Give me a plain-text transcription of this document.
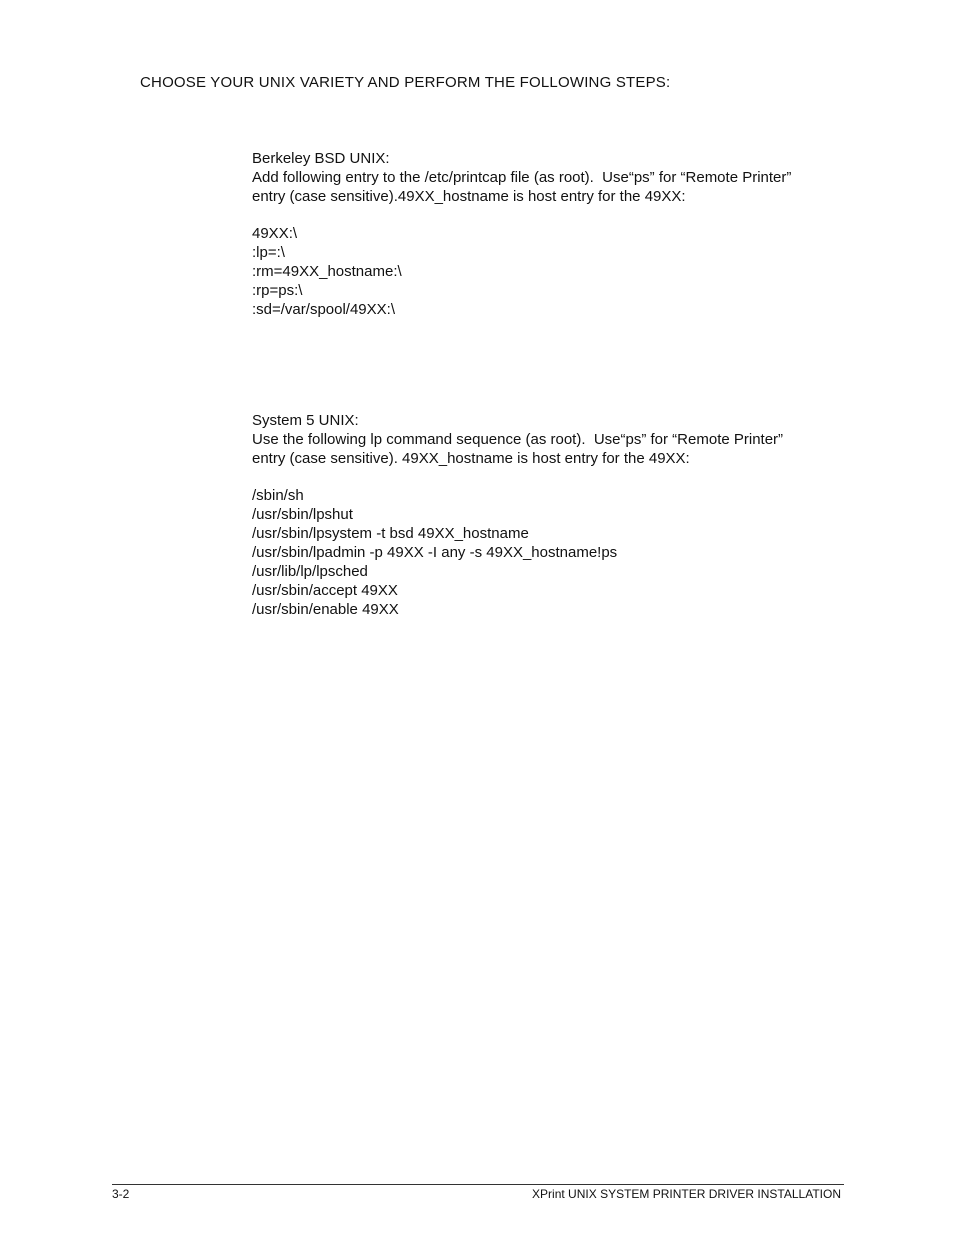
CHOOSE YOUR UNIX VARIETY AND PERFORM THE FOLLOWING STEPS:
Berkeley BSD UNIX:
Add following entry to the /etc/printcap file (as root).  Use“ps” for “Remote Printer”
entry (case sensitive).49XX_hostname is host entry for the 49XX:
49XX:\
:lp=:\
:rm=49XX_hostname:\
:rp=ps:\
:sd=/var/spool/49XX:\
System 5 UNIX:
Use the following lp command sequence (as root).  Use“ps” for “Remote Printer”
entry (case sensitive). 49XX_hostname is host entry for the 49XX:
/sbin/sh
/usr/sbin/lpshut
/usr/sbin/lpsystem -t bsd 49XX_hostname
/usr/sbin/lpadmin -p 49XX -I any -s 49XX_hostname!ps
/usr/lib/lp/lpsched
/usr/sbin/accept 49XX
/usr/sbin/enable 49XX
3-2	XPrint UNIX SYSTEM PRINTER DRIVER INSTALLATION
